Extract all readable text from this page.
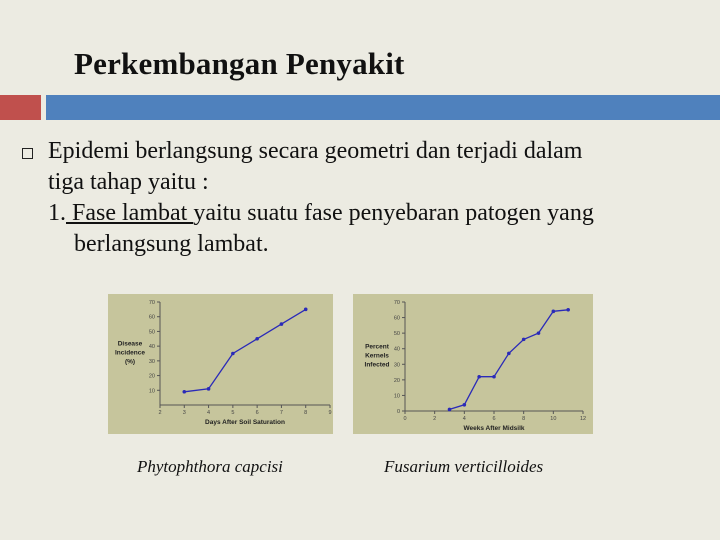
Perkembangan Penyakit
Epidemi berlangsung secara geometri dan terjadi dalam
tiga tahap yaitu :
1. Fase lambat yaitu suatu fase penyebaran patogen yang
berlangsung lambat.
10
20
30
40
50
60
70
2	3	4	5	6	7	8	9
Days After Soil Saturation
Disease
Incidence
(%)
0
10
20
30
40
50
60
70
0	2	4	6	8	10	12
Weeks After Midsilk
Percent
Kernels
Infected
Phytophthora capcisi	Fusarium verticilloides
